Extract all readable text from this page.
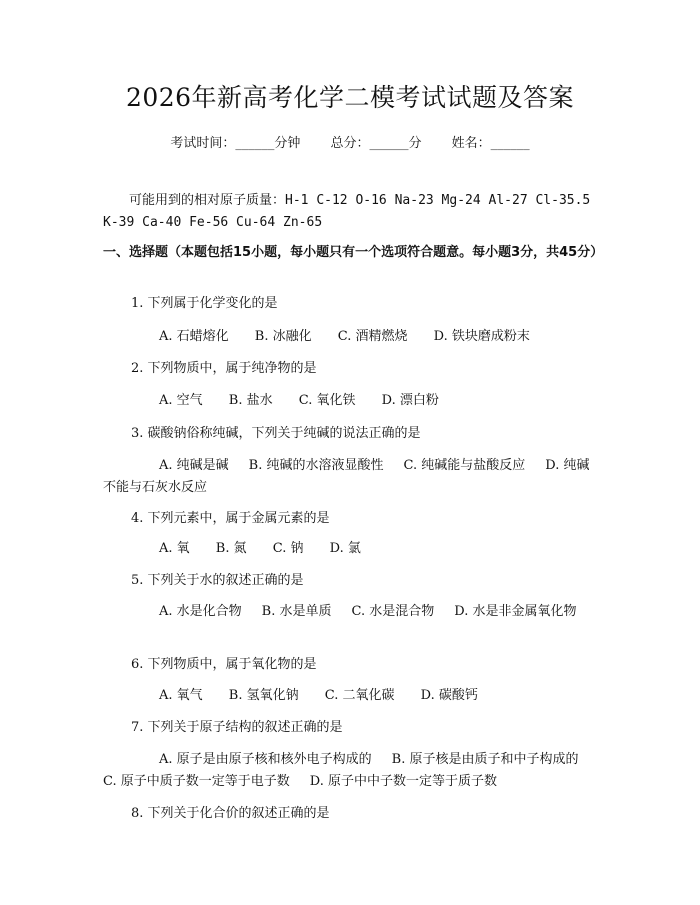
2026年新高考化学二模考试试题及答案
考试时间：______分钟 总分：______分 姓名：______
可能用到的相对原子质量：H-1 C-12 O-16 Na-23 Mg-24 Al-27 Cl-35.5 K-39 Ca-40 Fe-56 Cu-64 Zn-65
一、选择题（本题包括15小题，每小题只有一个选项符合题意。每小题3分，共45分）
1. 下列属于化学变化的是
A. 石蜡熔化 B. 冰融化 C. 酒精燃烧 D. 铁块磨成粉末
2. 下列物质中，属于纯净物的是
A. 空气 B. 盐水 C. 氧化铁 D. 漂白粉
3. 碳酸钠俗称纯碱，下列关于纯碱的说法正确的是
A. 纯碱是碱 B. 纯碱的水溶液显酸性 C. 纯碱能与盐酸反应 D. 纯碱不能与石灰水反应
4. 下列元素中，属于金属元素的是
A. 氧 B. 氮 C. 钠 D. 氯
5. 下列关于水的叙述正确的是
A. 水是化合物 B. 水是单质 C. 水是混合物 D. 水是非金属氧化物
6. 下列物质中，属于氧化物的是
A. 氧气 B. 氢氧化钠 C. 二氧化碳 D. 碳酸钙
7. 下列关于原子结构的叙述正确的是
A. 原子是由原子核和核外电子构成的 B. 原子核是由质子和中子构成的C. 原子中质子数一定等于电子数 D. 原子中中子数一定等于质子数
8. 下列关于化合价的叙述正确的是
